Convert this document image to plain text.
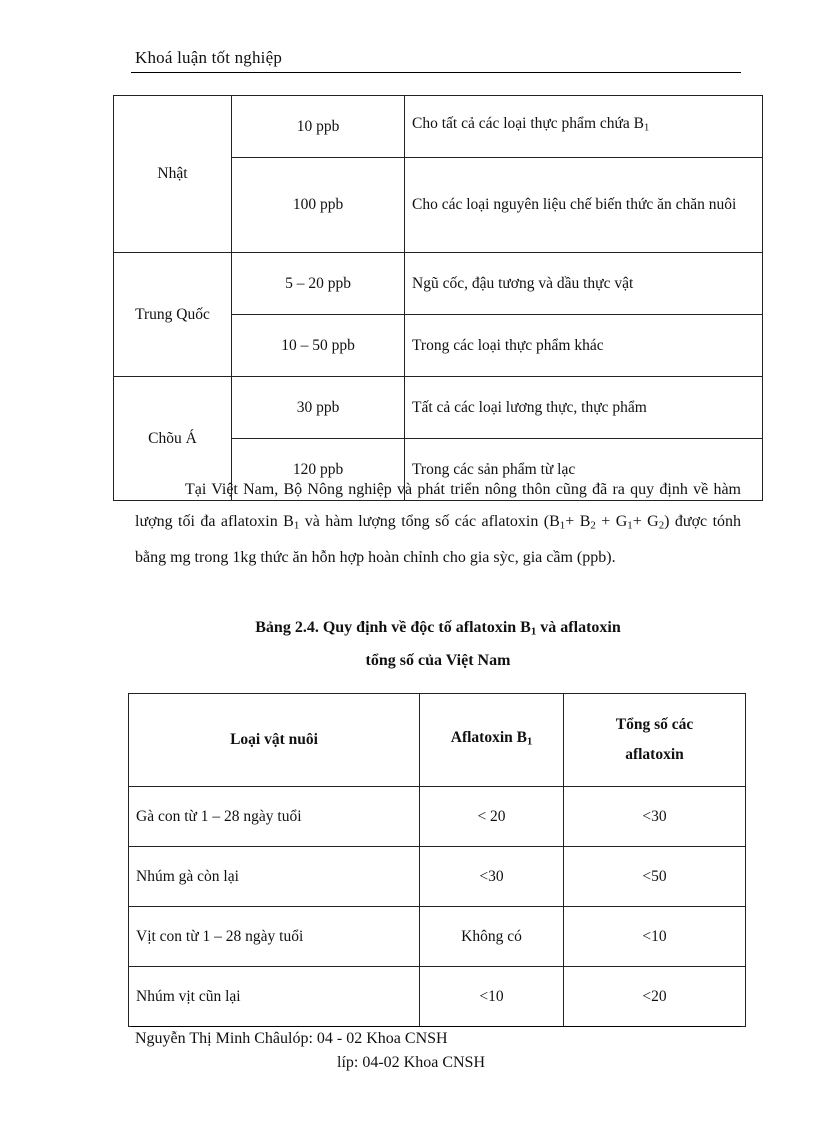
Khoá luận tốt nghiệp
Nhật	10 ppb	Cho tất cả các loại thực phẩm chứa $B_1$
	100 ppb	Cho các loại nguyên liệu chế biến thức ăn chăn nuôi
Trung Quốc	5 – 20 ppb	Ngũ cốc, đậu tương và dầu thực vật
	10 – 50 ppb	Trong các loại thực phẩm khác
Chõu Á	30 ppb	Tất cả các loại lương thực, thực phẩm
	120 ppb	Trong các sản phẩm từ lạc

Tại Việt Nam, Bộ Nông nghiệp và phát triển nông thôn cũng đã ra quy định về hàm lượng tối đa aflatoxin $B_1$ và hàm lượng tổng số các aflatoxin $(B_1+ B_2 + G_1+ G_2)$ được tónh bằng mg trong 1kg thức ăn hỗn hợp hoàn chỉnh cho gia sỳc, gia cầm (ppb).

Bảng 2.4. Quy định về độc tố aflatoxin $B_1$ và aflatoxin
tổng số của Việt Nam
Loại vật nuôi	Aflatoxin $B_1$	Tổng số các
aflatoxin
Gà con từ 1 – 28 ngày tuổi	< 20	<30
Nhúm gà còn lại	<30	<50
Vịt con từ 1 – 28 ngày tuổi	Không có	<10
Nhúm vịt cũn lại	<10	<20
Nguyễn Thị Minh Châulóp: 04 - 02 Khoa CNSH
líp: 04-02 Khoa CNSH
